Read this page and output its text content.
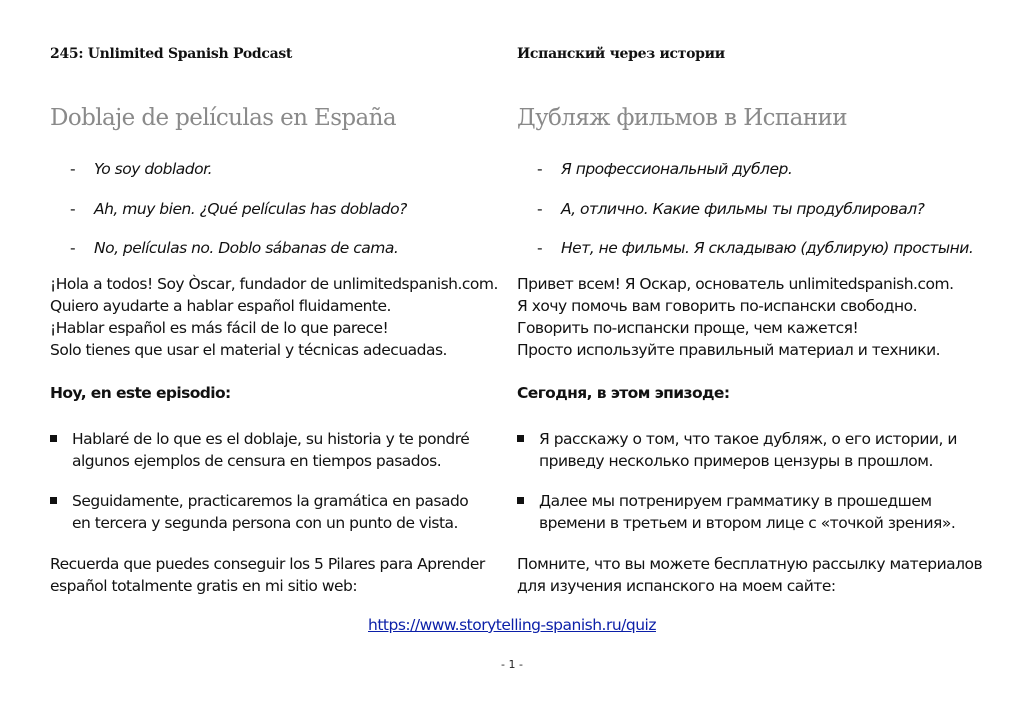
245: Unlimited Spanish Podcast
Doblaje de películas en España
- Yo soy doblador.
- Ah, muy bien. ¿Qué películas has doblado?
- No, películas no. Doblo sábanas de cama.
¡Hola a todos! Soy Òscar, fundador de unlimitedspanish.com.
Quiero ayudarte a hablar español fluidamente.
¡Hablar español es más fácil de lo que parece!
Solo tienes que usar el material y técnicas adecuadas.
Hoy, en este episodio:
Hablaré de lo que es el doblaje, su historia y te pondré
algunos ejemplos de censura en tiempos pasados.
Seguidamente, practicaremos la gramática en pasado
en tercera y segunda persona con un punto de vista.
Recuerda que puedes conseguir los 5 Pilares para Aprender
español totalmente gratis en mi sitio web:
Испанский через истории
Дубляж фильмов в Испании
- Я профессиональный дублер.
- А, отлично. Какие фильмы ты продублировал?
- Нет, не фильмы. Я складываю (дублирую) простыни.
Привет всем! Я Оскар, основатель unlimitedspanish.com.
Я хочу помочь вам говорить по-испански свободно.
Говорить по-испански проще, чем кажется!
Просто используйте правильный материал и техники.
Сегодня, в этом эпизоде:
Я расскажу о том, что такое дубляж, о его истории, и
приведу несколько примеров цензуры в прошлом.
Далее мы потренируем грамматику в прошедшем
времени в третьем и втором лице с «точкой зрения».
Помните, что вы можете бесплатную рассылку материалов
для изучения испанского на моем сайте:
https://www.storytelling-spanish.ru/quiz
- 1 -
